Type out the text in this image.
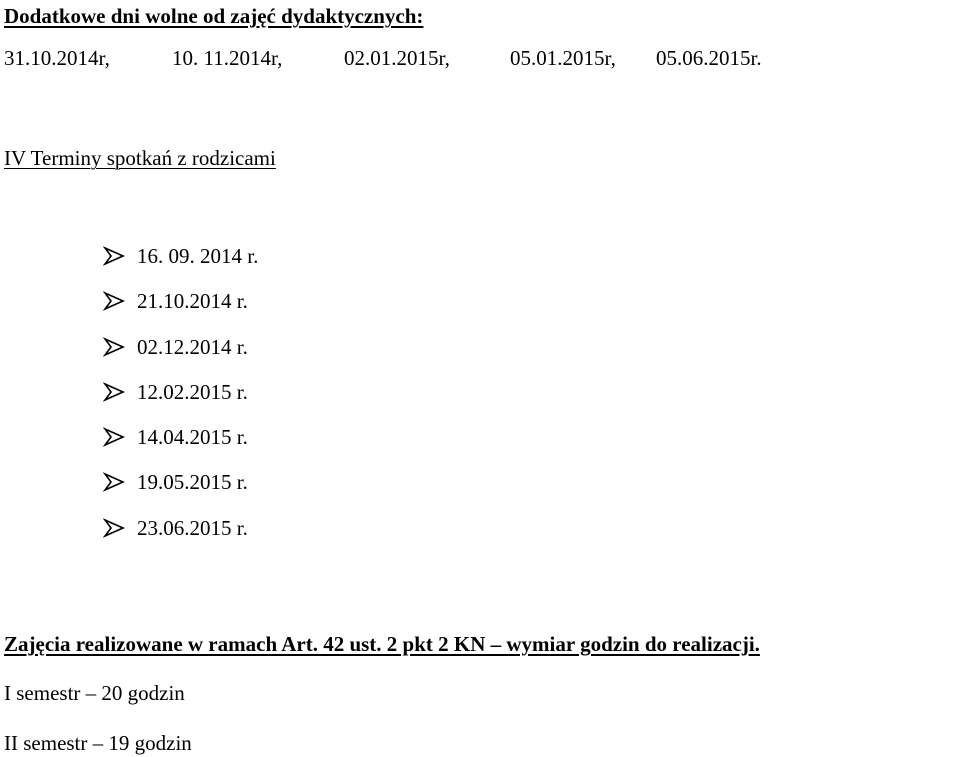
Dodatkowe dni wolne od zajęć dydaktycznych:
31.10.2014r,	10. 11.2014r,	02.01.2015r,	05.01.2015r, 05.06.2015r.
IV Terminy spotkań z rodzicami
16. 09. 2014 r.
21.10.2014 r.
02.12.2014 r.
12.02.2015 r.
14.04.2015 r.
19.05.2015 r.
23.06.2015 r.
Zajęcia realizowane w ramach Art. 42 ust. 2 pkt 2 KN – wymiar godzin do realizacji.
I semestr – 20 godzin
II semestr – 19 godzin
